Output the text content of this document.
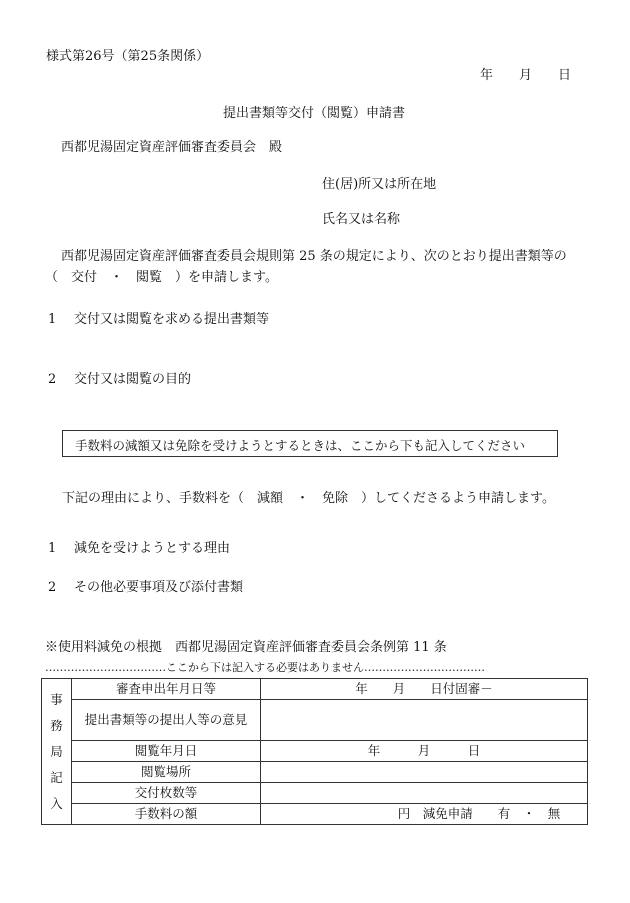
様式第26号（第25条関係）
年 月 日
提出書類等交付（閲覧）申請書
西都児湯固定資産評価審査委員会　殿
住(居)所又は所在地
氏名又は名称
西都児湯固定資産評価審査委員会規則第 25 条の規定により、次のとおり提出書類等の
（　交付　・　閲覧　）を申請します。
1 交付又は閲覧を求める提出書類等
2 交付又は閲覧の目的
手数料の減額又は免除を受けようとするときは、ここから下も記入してください
下記の理由により、手数料を（　減額　・　免除　）してくださるよう申請します。
1 減免を受けようとする理由
2 その他必要事項及び添付書類
※使用料減免の根拠　西都児湯固定資産評価審査委員会条例第 11 条
……………………………ここから下は記入する必要はありません……………………………
事
務
局
記
入	審査申出年月日等	年　　月　　日付固審－
	提出書類等の提出人等の意見	
	閲覧年月日	年　　　月　　　日
	閲覧場所	
	交付枚数等	
	手数料の額	円　減免申請　　有　・　無
